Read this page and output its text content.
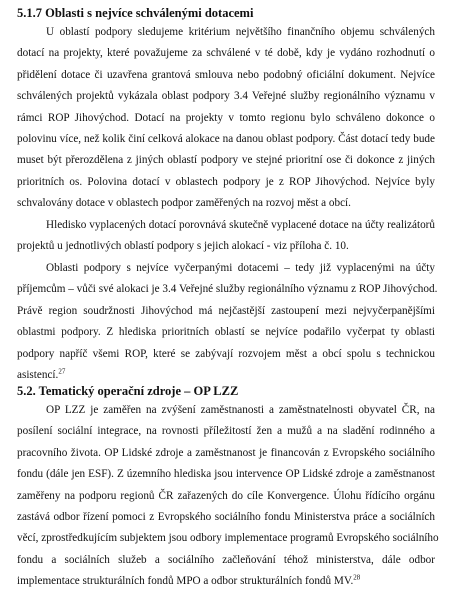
5.1.7 Oblasti s nejvíce schválenými dotacemi
U oblastí podpory sledujeme kritérium největšího finančního objemu schválených
dotací na projekty, které považujeme za schválené v té době, kdy je vydáno rozhodnutí o
přidělení dotace či uzavřena grantová smlouva nebo podobný oficiální dokument. Nejvíce
schválených projektů vykázala oblast podpory 3.4 Veřejné služby regionálního významu v
rámci ROP Jihovýchod. Dotací na projekty v tomto regionu bylo schváleno dokonce o
polovinu více, než kolik činí celková alokace na danou oblast podpory. Část dotací tedy bude
muset být přerozdělena z jiných oblastí podpory ve stejné prioritní ose či dokonce z jiných
prioritních os. Polovina dotací v oblastech podpory je z ROP Jihovýchod. Nejvíce byly
schvalovány dotace v oblastech podpor zaměřených na rozvoj měst a obcí.
Hledisko vyplacených dotací porovnává skutečně vyplacené dotace na účty realizátorů
projektů u jednotlivých oblastí podpory s jejich alokací - viz příloha č. 10.
Oblasti podpory s nejvíce vyčerpanými dotacemi – tedy již vyplacenými na účty
příjemcům – vůči své alokaci je 3.4 Veřejné služby regionálního významu z ROP Jihovýchod.
Právě region soudržnosti Jihovýchod má nejčastější zastoupení mezi nejvyčerpanějšími
oblastmi podpory. Z hlediska prioritních oblastí se nejvíce podařilo vyčerpat ty oblasti
podpory napříč všemi ROP, které se zabývají rozvojem měst a obcí spolu s technickou
asistencí.$^{27}$
5.2. Tematický operační zdroje – OP LZZ
OP LZZ je zaměřen na zvýšení zaměstnanosti a zaměstnatelnosti obyvatel ČR, na
posílení sociální integrace, na rovnosti příležitostí žen a mužů a na sladění rodinného a
pracovního života. OP Lidské zdroje a zaměstnanost je financován z Evropského sociálního
fondu (dále jen ESF). Z územního hlediska jsou intervence OP Lidské zdroje a zaměstnanost
zaměřeny na podporu regionů ČR zařazených do cíle Konvergence. Úlohu řídícího orgánu
zastává odbor řízení pomoci z Evropského sociálního fondu Ministerstva práce a sociálních
věcí, zprostředkujícím subjektem jsou odbory implementace programů Evropského sociálního
fondu a sociálních služeb a sociálního začleňování téhož ministerstva, dále odbor
implementace strukturálních fondů MPO a odbor strukturálních fondů MV.$^{28}$
